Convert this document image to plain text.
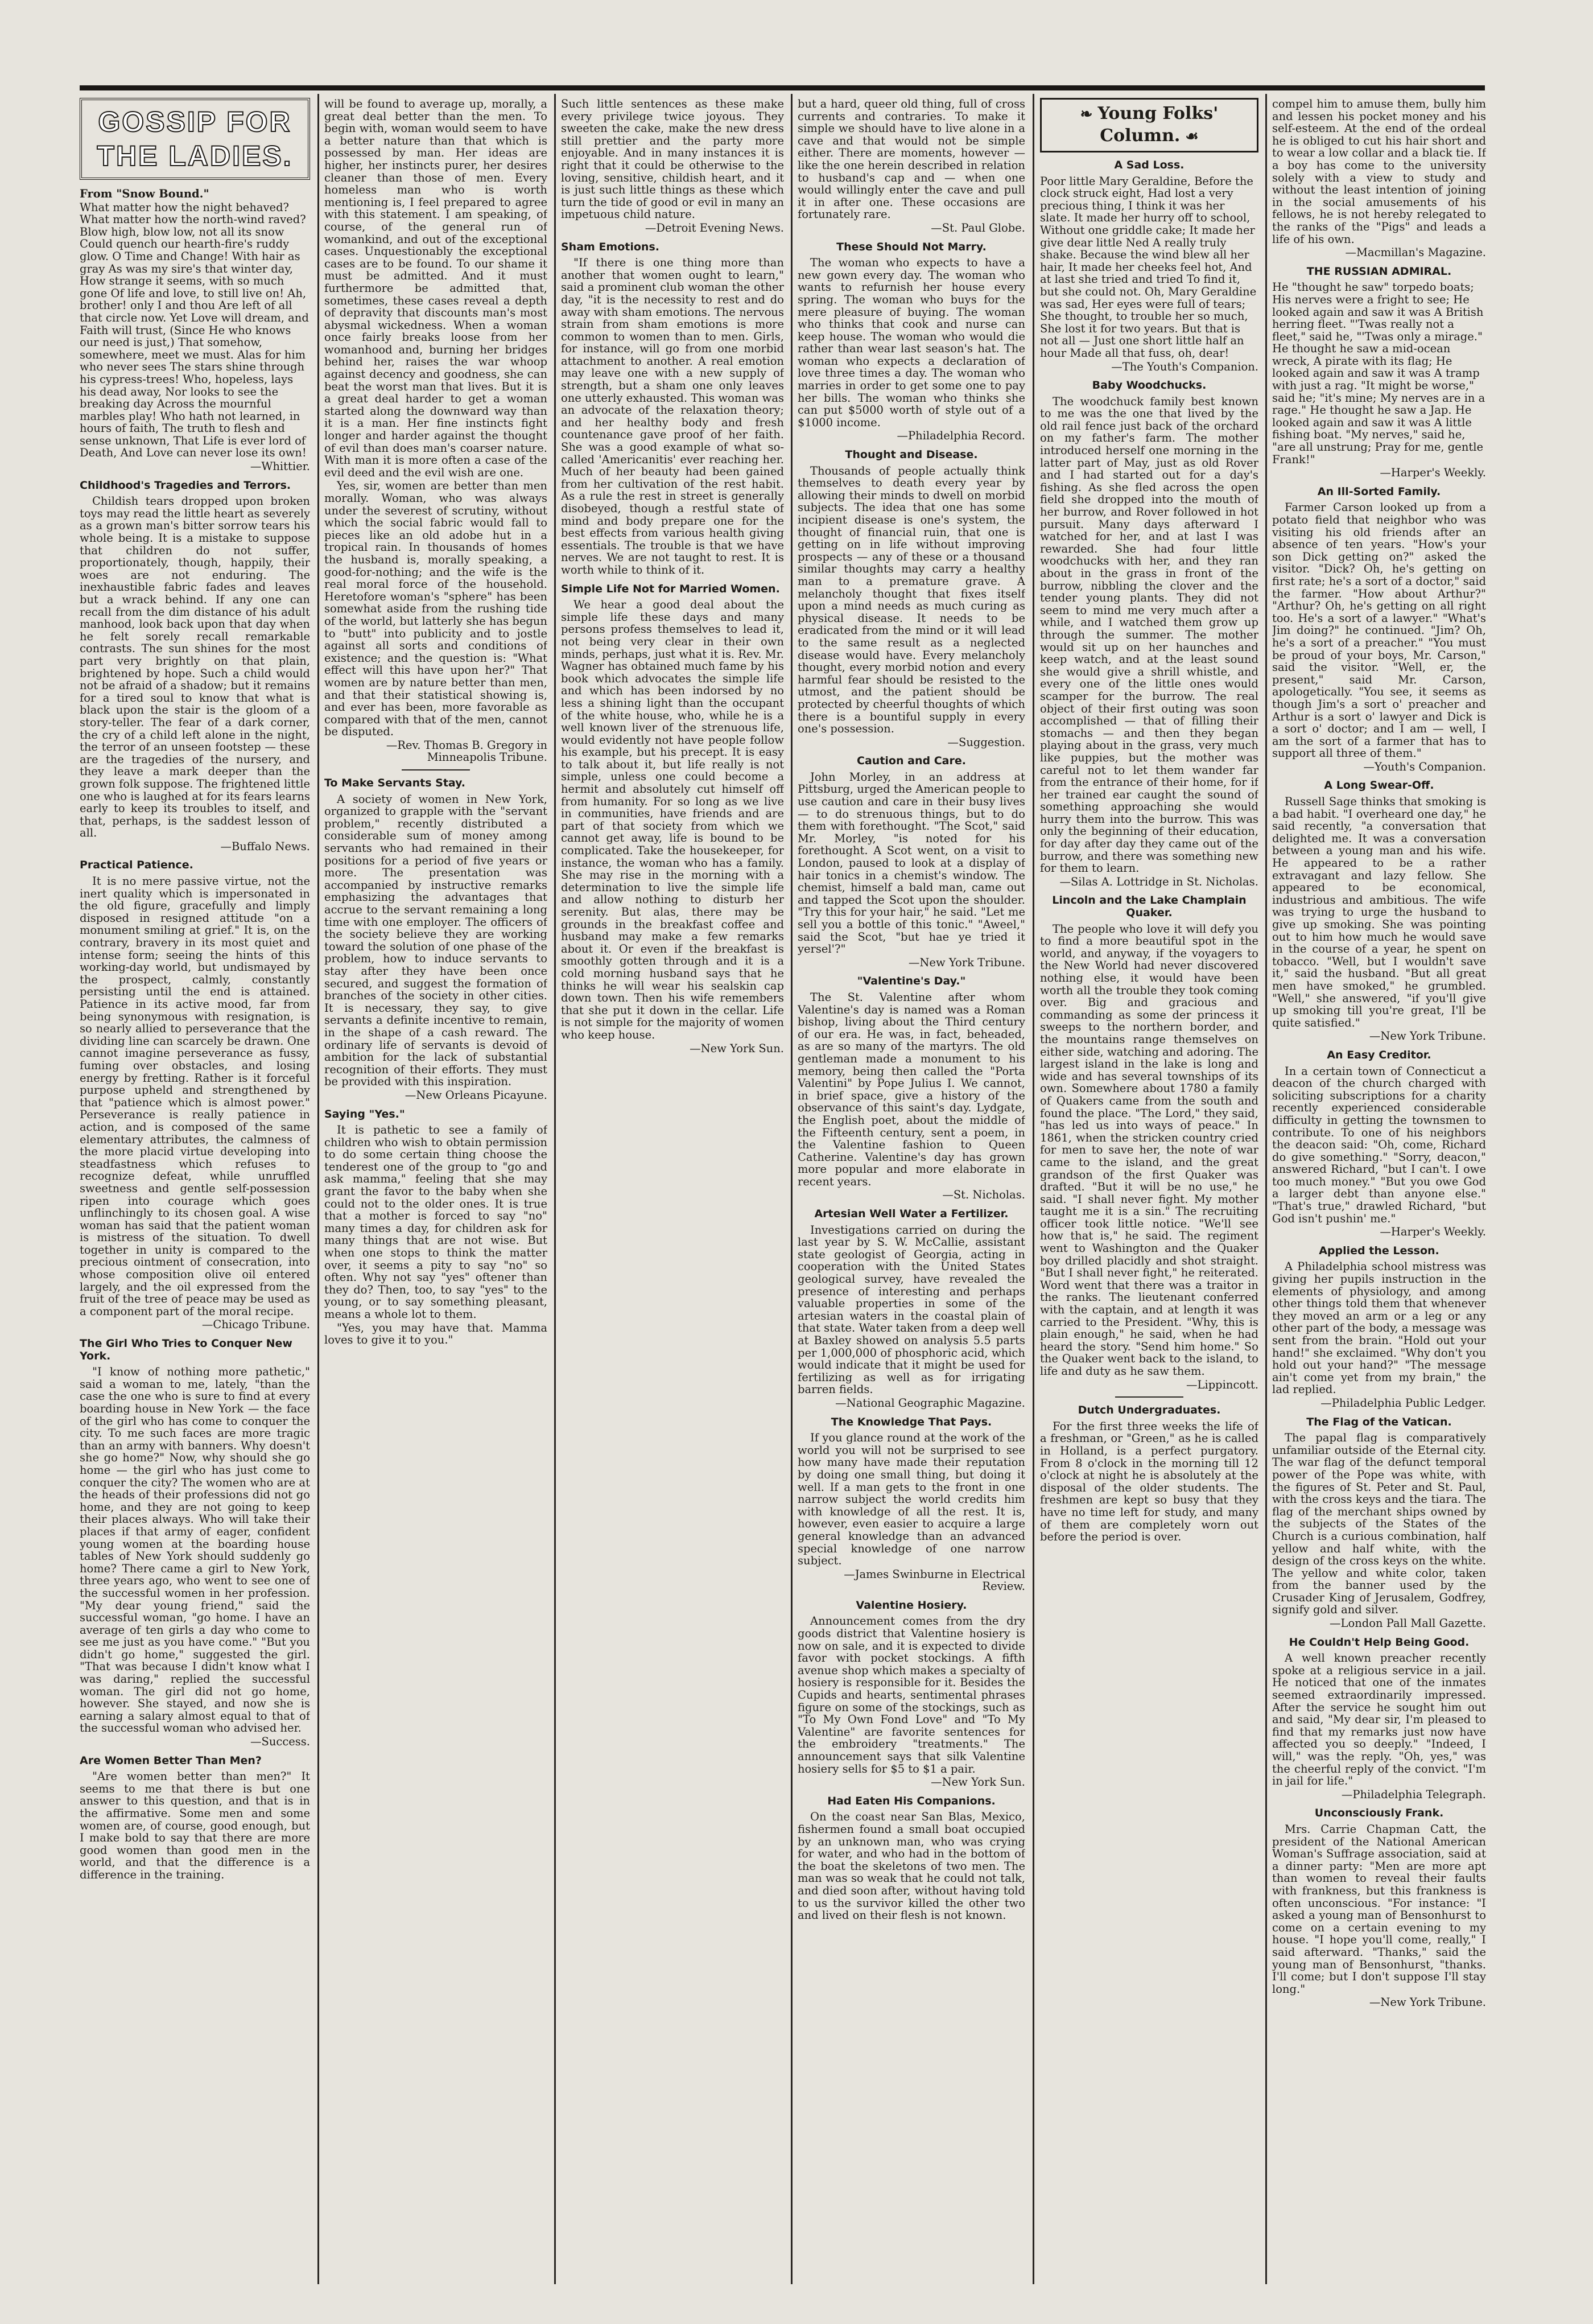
GOSSIP FOR THE LADIES.

From "Snow Bound."

What matter how the night behaved? What matter how the north-wind raved? Blow high, blow low, not all its snow Could quench our hearth-fire's ruddy glow. O Time and Change! With hair as gray As was my sire's that winter day, How strange it seems, with so much gone Of life and love, to still live on! Ah, brother! only I and thou Are left of all that circle now. Yet Love will dream, and Faith will trust, (Since He who knows our need is just,) That somehow, somewhere, meet we must. Alas for him who never sees The stars shine through his cypress-trees! Who, hopeless, lays his dead away, Nor looks to see the breaking day Across the mournful marbles play! Who hath not learned, in hours of faith, The truth to flesh and sense unknown, That Life is ever lord of Death, And Love can never lose its own!

—Whittier.

Childhood's Tragedies and Terrors.

Childish tears dropped upon broken toys may read the little heart as severely as a grown man's bitter sorrow tears his whole being. It is a mistake to suppose that children do not suffer, proportionately, though, happily, their woes are not enduring. The inexhaustible fabric fades and leaves but a wrack behind. If any one can recall from the dim distance of his adult manhood, look back upon that day when he felt sorely recall remarkable contrasts. The sun shines for the most part very brightly on that plain, brightened by hope. Such a child would not be afraid of a shadow; but it remains for a tired soul to know that what is black upon the stair is the gloom of a story-teller. The fear of a dark corner, the cry of a child left alone in the night, the terror of an unseen footstep — these are the tragedies of the nursery, and they leave a mark deeper than the grown folk suppose. The frightened little one who is laughed at for its fears learns early to keep its troubles to itself, and that, perhaps, is the saddest lesson of all.

—Buffalo News.

Practical Patience.

It is no mere passive virtue, not the inert quality which is impersonated in the old figure, gracefully and limply disposed in resigned attitude "on a monument smiling at grief." It is, on the contrary, bravery in its most quiet and intense form; seeing the hints of this working-day world, but undismayed by the prospect, calmly, constantly persisting until the end is attained. Patience in its active mood, far from being synonymous with resignation, is so nearly allied to perseverance that the dividing line can scarcely be drawn. One cannot imagine perseverance as fussy, fuming over obstacles, and losing energy by fretting. Rather is it forceful purpose upheld and strengthened by that "patience which is almost power." Perseverance is really patience in action, and is composed of the same elementary attributes, the calmness of the more placid virtue developing into steadfastness which refuses to recognize defeat, while unruffled sweetness and gentle self-possession ripen into courage which goes unflinchingly to its chosen goal. A wise woman has said that the patient woman is mistress of the situation. To dwell together in unity is compared to the precious ointment of consecration, into whose composition olive oil entered largely, and the oil expressed from the fruit of the tree of peace may be used as a component part of the moral recipe.

—Chicago Tribune.

The Girl Who Tries to Conquer New York.

"I know of nothing more pathetic," said a woman to me, lately, "than the case the one who is sure to find at every boarding house in New York — the face of the girl who has come to conquer the city. To me such faces are more tragic than an army with banners. Why doesn't she go home?" Now, why should she go home — the girl who has just come to conquer the city? The women who are at the heads of their professions did not go home, and they are not going to keep their places always. Who will take their places if that army of eager, confident young women at the boarding house tables of New York should suddenly go home? There came a girl to New York, three years ago, who went to see one of the successful women in her profession. "My dear young friend," said the successful woman, "go home. I have an average of ten girls a day who come to see me just as you have come." "But you didn't go home," suggested the girl. "That was because I didn't know what I was daring," replied the successful woman. The girl did not go home, however. She stayed, and now she is earning a salary almost equal to that of the successful woman who advised her.

—Success.

Are Women Better Than Men?

"Are women better than men?" It seems to me that there is but one answer to this question, and that is in the affirmative. Some men and some women are, of course, good enough, but I make bold to say that there are more good women than good men in the world, and that the difference is a difference in the training.

will be found to average up, morally, a great deal better than the men. To begin with, woman would seem to have a better nature than that which is possessed by man. Her ideas are higher, her instincts purer, her desires cleaner than those of men. Every homeless man who is worth mentioning is, I feel prepared to agree with this statement. I am speaking, of course, of the general run of womankind, and out of the exceptional cases. Unquestionably the exceptional cases are to be found. To our shame it must be admitted. And it must furthermore be admitted that, sometimes, these cases reveal a depth of depravity that discounts man's most abysmal wickedness. When a woman once fairly breaks loose from her womanhood and, burning her bridges behind her, raises the war whoop against decency and goodness, she can beat the worst man that lives. But it is a great deal harder to get a woman started along the downward way than it is a man. Her fine instincts fight longer and harder against the thought of evil than does man's coarser nature. With man it is more often a case of the evil deed and the evil wish are one.

Yes, sir, women are better than men morally. Woman, who was always under the severest of scrutiny, without which the social fabric would fall to pieces like an old adobe hut in a tropical rain. In thousands of homes the husband is, morally speaking, a good-for-nothing; and the wife is the real moral force of the household. Heretofore woman's "sphere" has been somewhat aside from the rushing tide of the world, but latterly she has begun to "butt" into publicity and to jostle against all sorts and conditions of existence; and the question is: "What effect will this have upon her?" That women are by nature better than men, and that their statistical showing is, and ever has been, more favorable as compared with that of the men, cannot be disputed.

—Rev. Thomas B. Gregory in Minneapolis Tribune.

To Make Servants Stay.

A society of women in New York, organized to grapple with the "servant problem," recently distributed a considerable sum of money among servants who had remained in their positions for a period of five years or more. The presentation was accompanied by instructive remarks emphasizing the advantages that accrue to the servant remaining a long time with one employer. The officers of the society believe they are working toward the solution of one phase of the problem, how to induce servants to stay after they have been once secured, and suggest the formation of branches of the society in other cities. It is necessary, they say, to give servants a definite incentive to remain, in the shape of a cash reward. The ordinary life of servants is devoid of ambition for the lack of substantial recognition of their efforts. They must be provided with this inspiration.

—New Orleans Picayune.

Saying "Yes."

It is pathetic to see a family of children who wish to obtain permission to do some certain thing choose the tenderest one of the group to "go and ask mamma," feeling that she may grant the favor to the baby when she could not to the older ones. It is true that a mother is forced to say "no" many times a day, for children ask for many things that are not wise. But when one stops to think the matter over, it seems a pity to say "no" so often. Why not say "yes" oftener than they do? Then, too, to say "yes" to the young, or to say something pleasant, means a whole lot to them.

"Yes, you may have that. Mamma loves to give it to you."

Such little sentences as these make every privilege twice joyous. They sweeten the cake, make the new dress still prettier and the party more enjoyable. And in many instances it is right that it could be otherwise to the loving, sensitive, childish heart, and it is just such little things as these which turn the tide of good or evil in many an impetuous child nature.

—Detroit Evening News.

Sham Emotions.

"If there is one thing more than another that women ought to learn," said a prominent club woman the other day, "it is the necessity to rest and do away with sham emotions. The nervous strain from sham emotions is more common to women than to men. Girls, for instance, will go from one morbid attachment to another. A real emotion may leave one with a new supply of strength, but a sham one only leaves one utterly exhausted. This woman was an advocate of the relaxation theory; and her healthy body and fresh countenance gave proof of her faith. She was a good example of what so-called 'Americanitis' ever reaching her. Much of her beauty had been gained from her cultivation of the rest habit. As a rule the rest in street is generally disobeyed, though a restful state of mind and body prepare one for the best effects from various health giving essentials. The trouble is that we have nerves. We are not taught to rest. It is worth while to think of it.

Simple Life Not for Married Women.

We hear a good deal about the simple life these days and many persons profess themselves to lead it, not being very clear in their own minds, perhaps, just what it is. Rev. Mr. Wagner has obtained much fame by his book which advocates the simple life and which has been indorsed by no less a shining light than the occupant of the white house, who, while he is a well known liver of the strenuous life, would evidently not have people follow his example, but his precept. It is easy to talk about it, but life really is not simple, unless one could become a hermit and absolutely cut himself off from humanity. For so long as we live in communities, have friends and are part of that society from which we cannot get away, life is bound to be complicated. Take the housekeeper, for instance, the woman who has a family. She may rise in the morning with a determination to live the simple life and allow nothing to disturb her serenity. But alas, there may be grounds in the breakfast coffee and husband may make a few remarks about it. Or even if the breakfast is smoothly gotten through and it is a cold morning husband says that he thinks he will wear his sealskin cap down town. Then his wife remembers that she put it down in the cellar. Life is not simple for the majority of women who keep house.

—New York Sun.

but a hard, queer old thing, full of cross currents and contraries. To make it simple we should have to live alone in a cave and that would not be simple either. There are moments, however — like the one herein described in relation to husband's cap and — when one would willingly enter the cave and pull it in after one. These occasions are fortunately rare.

—St. Paul Globe.

These Should Not Marry.

The woman who expects to have a new gown every day. The woman who wants to refurnish her house every spring. The woman who buys for the mere pleasure of buying. The woman who thinks that cook and nurse can keep house. The woman who would die rather than wear last season's hat. The woman who expects a declaration of love three times a day. The woman who marries in order to get some one to pay her bills. The woman who thinks she can put $5000 worth of style out of a $1000 income.

—Philadelphia Record.

Thought and Disease.

Thousands of people actually think themselves to death every year by allowing their minds to dwell on morbid subjects. The idea that one has some incipient disease is one's system, the thought of financial ruin, that one is getting on in life without improving prospects — any of these or a thousand similar thoughts may carry a healthy man to a premature grave. A melancholy thought that fixes itself upon a mind needs as much curing as physical disease. It needs to be eradicated from the mind or it will lead to the same result as a neglected disease would have. Every melancholy thought, every morbid notion and every harmful fear should be resisted to the utmost, and the patient should be protected by cheerful thoughts of which there is a bountiful supply in every one's possession.

—Suggestion.

Caution and Care.

John Morley, in an address at Pittsburg, urged the American people to use caution and care in their busy lives — to do strenuous things, but to do them with forethought. "The Scot," said Mr. Morley, "is noted for his forethought. A Scot went, on a visit to London, paused to look at a display of hair tonics in a chemist's window. The chemist, himself a bald man, came out and tapped the Scot upon the shoulder. "Try this for your hair," he said. "Let me sell you a bottle of this tonic." "Aweel," said the Scot, "but hae ye tried it yersel'?"

—New York Tribune.

"Valentine's Day."

The St. Valentine after whom Valentine's day is named was a Roman bishop, living about the Third century of our era. He was, in fact, beheaded, as are so many of the martyrs. The old gentleman made a monument to his memory, being then called the "Porta Valentini" by Pope Julius I. We cannot, in brief space, give a history of the observance of this saint's day. Lydgate, the English poet, about the middle of the Fifteenth century, sent a poem, in the Valentine fashion to Queen Catherine. Valentine's day has grown more popular and more elaborate in recent years.

—St. Nicholas.

Artesian Well Water a Fertilizer.

Investigations carried on during the last year by S. W. McCallie, assistant state geologist of Georgia, acting in cooperation with the United States geological survey, have revealed the presence of interesting and perhaps valuable properties in some of the artesian waters in the coastal plain of that state. Water taken from a deep well at Baxley showed on analysis 5.5 parts per 1,000,000 of phosphoric acid, which would indicate that it might be used for fertilizing as well as for irrigating barren fields.

—National Geographic Magazine.

The Knowledge That Pays.

If you glance round at the work of the world you will not be surprised to see how many have made their reputation by doing one small thing, but doing it well. If a man gets to the front in one narrow subject the world credits him with knowledge of all the rest. It is, however, even easier to acquire a large general knowledge than an advanced special knowledge of one narrow subject.

—James Swinburne in Electrical Review.

Valentine Hosiery.

Announcement comes from the dry goods district that Valentine hosiery is now on sale, and it is expected to divide favor with pocket stockings. A fifth avenue shop which makes a specialty of hosiery is responsible for it. Besides the Cupids and hearts, sentimental phrases figure on some of the stockings, such as "To My Own Fond Love" and "To My Valentine" are favorite sentences for the embroidery "treatments." The announcement says that silk Valentine hosiery sells for $5 to $1 a pair.

—New York Sun.

Had Eaten His Companions.

On the coast near San Blas, Mexico, fishermen found a small boat occupied by an unknown man, who was crying for water, and who had in the bottom of the boat the skeletons of two men. The man was so weak that he could not talk, and died soon after, without having told to us the survivor killed the other two and lived on their flesh is not known.

❧ Young Folks' Column. ☙
A Sad Loss.

Poor little Mary Geraldine, Before the clock struck eight, Had lost a very precious thing, I think it was her slate. It made her hurry off to school, Without one griddle cake; It made her give dear little Ned A really truly shake. Because the wind blew all her hair, It made her cheeks feel hot, And at last she tried and tried To find it, but she could not. Oh, Mary Geraldine was sad, Her eyes were full of tears; She thought, to trouble her so much, She lost it for two years. But that is not all — Just one short little half an hour Made all that fuss, oh, dear!

—The Youth's Companion.

Baby Woodchucks.

The woodchuck family best known to me was the one that lived by the old rail fence just back of the orchard on my father's farm. The mother introduced herself one morning in the latter part of May, just as old Rover and I had started out for a day's fishing. As she fled across the open field she dropped into the mouth of her burrow, and Rover followed in hot pursuit. Many days afterward I watched for her, and at last I was rewarded. She had four little woodchucks with her, and they ran about in the grass in front of the burrow, nibbling the clover and the tender young plants. They did not seem to mind me very much after a while, and I watched them grow up through the summer. The mother would sit up on her haunches and keep watch, and at the least sound she would give a shrill whistle, and every one of the little ones would scamper for the burrow. The real object of their first outing was soon accomplished — that of filling their stomachs — and then they began playing about in the grass, very much like puppies, but the mother was careful not to let them wander far from the entrance of their home, for if her trained ear caught the sound of something approaching she would hurry them into the burrow. This was only the beginning of their education, for day after day they came out of the burrow, and there was something new for them to learn.

—Silas A. Lottridge in St. Nicholas.

Lincoln and the Lake Champlain Quaker.

The people who love it will defy you to find a more beautiful spot in the world, and anyway, if the voyagers to the New World had never discovered nothing else, it would have been worth all the trouble they took coming over. Big and gracious and commanding as some der princess it sweeps to the northern border, and the mountains range themselves on either side, watching and adoring. The largest island in the lake is long and wide and has several townships of its own. Somewhere about 1780 a family of Quakers came from the south and found the place. "The Lord," they said, "has led us into ways of peace." In 1861, when the stricken country cried for men to save her, the note of war came to the island, and the great grandson of the first Quaker was drafted. "But it will be no use," he said. "I shall never fight. My mother taught me it is a sin." The recruiting officer took little notice. "We'll see how that is," he said. The regiment went to Washington and the Quaker boy drilled placidly and shot straight. "But I shall never fight," he reiterated. Word went that there was a traitor in the ranks. The lieutenant conferred with the captain, and at length it was carried to the President. "Why, this is plain enough," he said, when he had heard the story. "Send him home." So the Quaker went back to the island, to life and duty as he saw them.

—Lippincott.

Dutch Undergraduates.

For the first three weeks the life of a freshman, or "Green," as he is called in Holland, is a perfect purgatory. From 8 o'clock in the morning till 12 o'clock at night he is absolutely at the disposal of the older students. The freshmen are kept so busy that they have no time left for study, and many of them are completely worn out before the period is over.

compel him to amuse them, bully him and lessen his pocket money and his self-esteem. At the end of the ordeal he is obliged to cut his hair short and to wear a low collar and a black tie. If a boy has come to the university solely with a view to study and without the least intention of joining in the social amusements of his fellows, he is not hereby relegated to the ranks of the "Pigs" and leads a life of his own.

—Macmillan's Magazine.

THE RUSSIAN ADMIRAL.

He "thought he saw" torpedo boats; His nerves were a fright to see; He looked again and saw it was A British herring fleet. "'Twas really not a fleet," said he, "'Twas only a mirage." He thought he saw a mid-ocean wreck, A pirate with its flag; He looked again and saw it was A tramp with just a rag. "It might be worse," said he; "it's mine; My nerves are in a rage." He thought he saw a Jap. He looked again and saw it was A little fishing boat. "My nerves," said he, "are all unstrung; Pray for me, gentle Frank!"

—Harper's Weekly.

An Ill-Sorted Family.

Farmer Carson looked up from a potato field that neighbor who was visiting his old friends after an absence of ten years. "How's your son Dick getting on?" asked the visitor. "Dick? Oh, he's getting on first rate; he's a sort of a doctor," said the farmer. "How about Arthur?" "Arthur? Oh, he's getting on all right too. He's a sort of a lawyer." "What's Jim doing?" he continued. "Jim? Oh, he's a sort of a preacher." "You must be proud of your boys, Mr. Carson," said the visitor. "Well, er, the present," said Mr. Carson, apologetically. "You see, it seems as though Jim's a sort o' preacher and Arthur is a sort o' lawyer and Dick is a sort o' doctor; and I am — well, I am the sort of a farmer that has to support all three of them."

—Youth's Companion.

A Long Swear-Off.

Russell Sage thinks that smoking is a bad habit. "I overheard one day," he said recently, "a conversation that delighted me. It was a conversation between a young man and his wife. He appeared to be a rather extravagant and lazy fellow. She appeared to be economical, industrious and ambitious. The wife was trying to urge the husband to give up smoking. She was pointing out to him how much he would save in the course of a year, he spent on tobacco. "Well, but I wouldn't save it," said the husband. "But all great men have smoked," he grumbled. "Well," she answered, "if you'll give up smoking till you're great, I'll be quite satisfied."

—New York Tribune.

An Easy Creditor.

In a certain town of Connecticut a deacon of the church charged with soliciting subscriptions for a charity recently experienced considerable difficulty in getting the townsmen to contribute. To one of his neighbors the deacon said: "Oh, come, Richard do give something." "Sorry, deacon," answered Richard, "but I can't. I owe too much money." "But you owe God a larger debt than anyone else." "That's true," drawled Richard, "but God isn't pushin' me."

—Harper's Weekly.

Applied the Lesson.

A Philadelphia school mistress was giving her pupils instruction in the elements of physiology, and among other things told them that whenever they moved an arm or a leg or any other part of the body, a message was sent from the brain. "Hold out your hand!" she exclaimed. "Why don't you hold out your hand?" "The message ain't come yet from my brain," the lad replied.

—Philadelphia Public Ledger.

The Flag of the Vatican.

The papal flag is comparatively unfamiliar outside of the Eternal city. The war flag of the defunct temporal power of the Pope was white, with the figures of St. Peter and St. Paul, with the cross keys and the tiara. The flag of the merchant ships owned by the subjects of the States of the Church is a curious combination, half yellow and half white, with the design of the cross keys on the white. The yellow and white color, taken from the banner used by the Crusader King of Jerusalem, Godfrey, signify gold and silver.

—London Pall Mall Gazette.

He Couldn't Help Being Good.

A well known preacher recently spoke at a religious service in a jail. He noticed that one of the inmates seemed extraordinarily impressed. After the service he sought him out and said, "My dear sir, I'm pleased to find that my remarks just now have affected you so deeply." "Indeed, I will," was the reply. "Oh, yes," was the cheerful reply of the convict. "I'm in jail for life."

—Philadelphia Telegraph.

Unconsciously Frank.

Mrs. Carrie Chapman Catt, the president of the National American Woman's Suffrage association, said at a dinner party: "Men are more apt than women to reveal their faults with frankness, but this frankness is often unconscious. "For instance: "I asked a young man of Bensonhurst to come on a certain evening to my house. "I hope you'll come, really," I said afterward. "Thanks," said the young man of Bensonhurst, "thanks. I'll come; but I don't suppose I'll stay long."

—New York Tribune.
